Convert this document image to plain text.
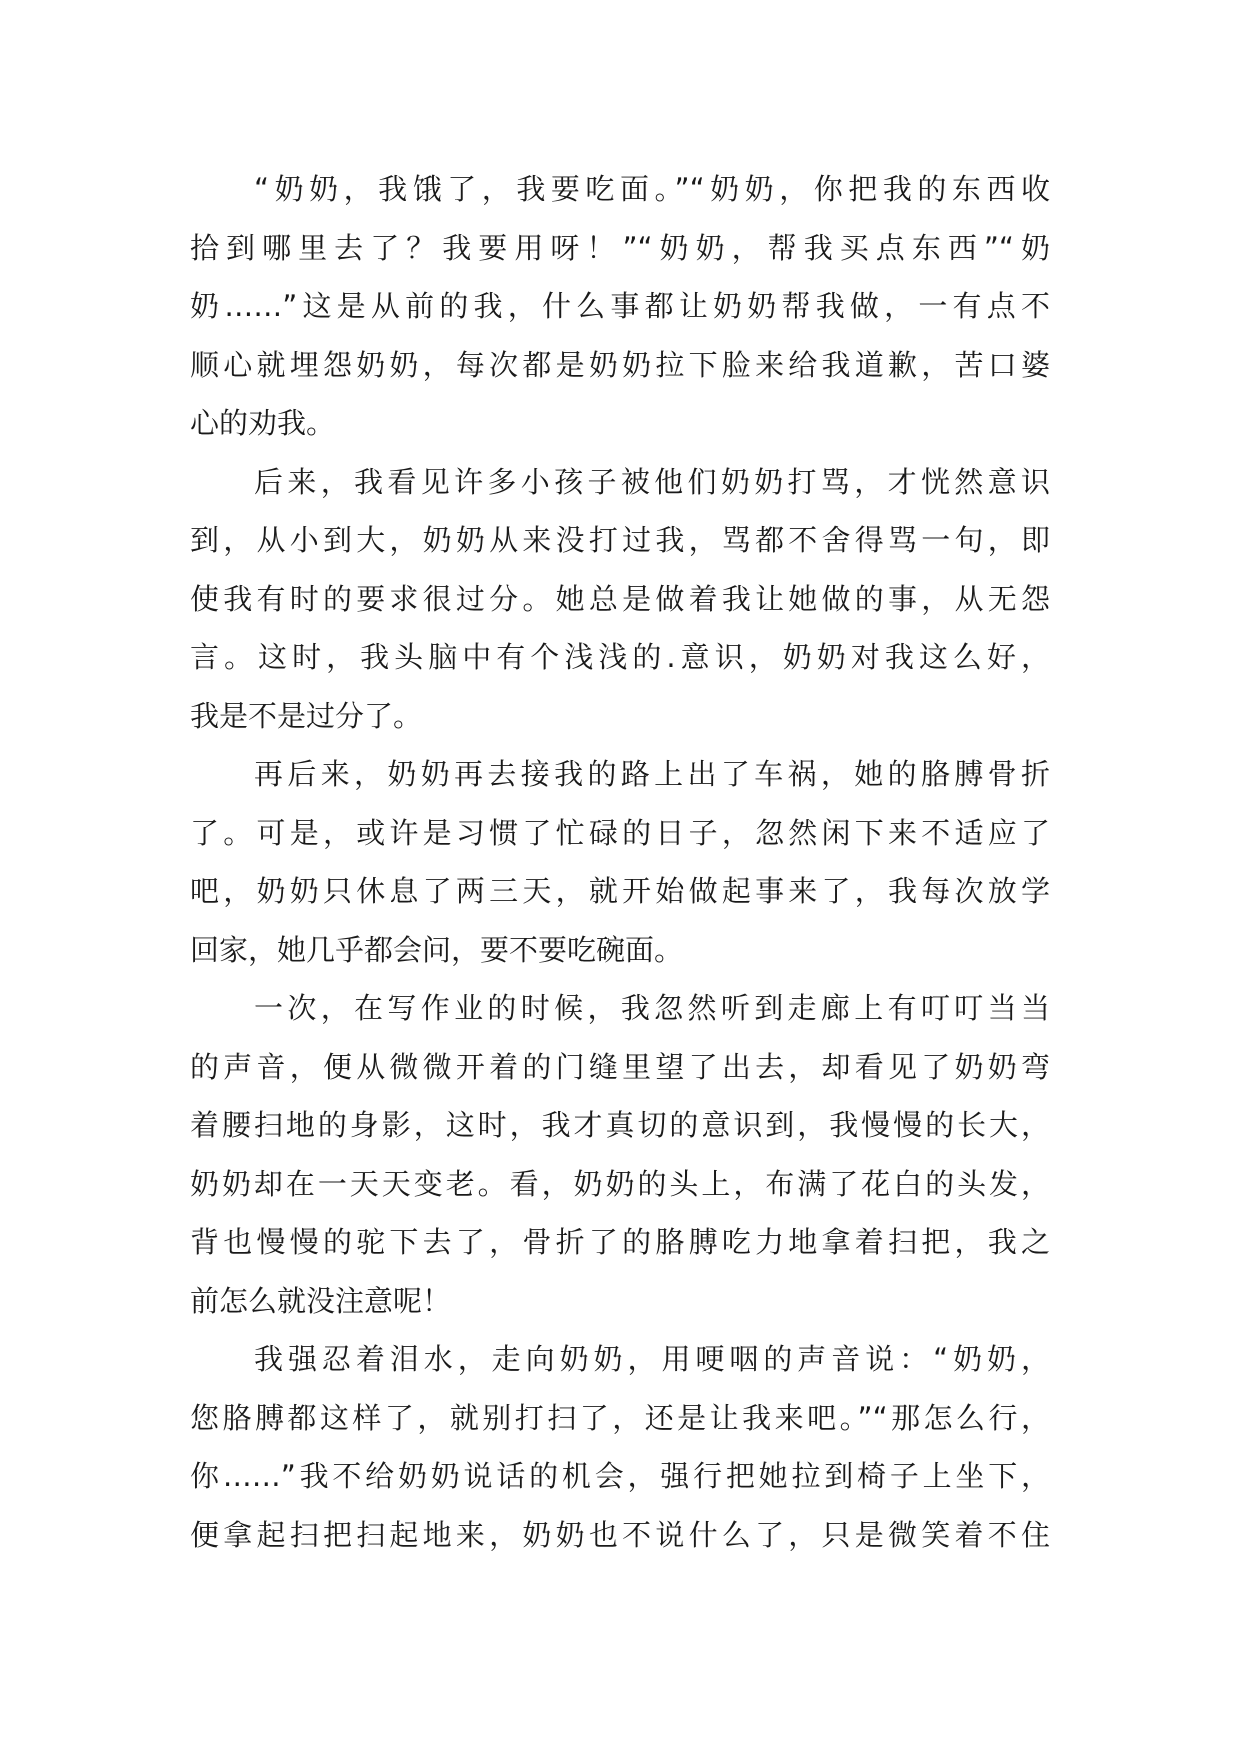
“奶奶，我饿了，我要吃面。”“奶奶，你把我的东西收
拾到哪里去了？我要用呀！”“奶奶，帮我买点东西”“奶
奶……”这是从前的我，什么事都让奶奶帮我做，一有点不
顺心就埋怨奶奶，每次都是奶奶拉下脸来给我道歉，苦口婆
心的劝我。
后来，我看见许多小孩子被他们奶奶打骂，才恍然意识
到，从小到大，奶奶从来没打过我，骂都不舍得骂一句，即
使我有时的要求很过分。她总是做着我让她做的事，从无怨
言。这时，我头脑中有个浅浅的.意识，奶奶对我这么好，
我是不是过分了。
再后来，奶奶再去接我的路上出了车祸，她的胳膊骨折
了。可是，或许是习惯了忙碌的日子，忽然闲下来不适应了
吧，奶奶只休息了两三天，就开始做起事来了，我每次放学
回家，她几乎都会问，要不要吃碗面。
一次，在写作业的时候，我忽然听到走廊上有叮叮当当
的声音，便从微微开着的门缝里望了出去，却看见了奶奶弯
着腰扫地的身影，这时，我才真切的意识到，我慢慢的长大，
奶奶却在一天天变老。看，奶奶的头上，布满了花白的头发，
背也慢慢的驼下去了，骨折了的胳膊吃力地拿着扫把，我之
前怎么就没注意呢！
我强忍着泪水，走向奶奶，用哽咽的声音说：“奶奶，
您胳膊都这样了，就别打扫了，还是让我来吧。”“那怎么行，
你……”我不给奶奶说话的机会，强行把她拉到椅子上坐下，
便拿起扫把扫起地来，奶奶也不说什么了，只是微笑着不住
